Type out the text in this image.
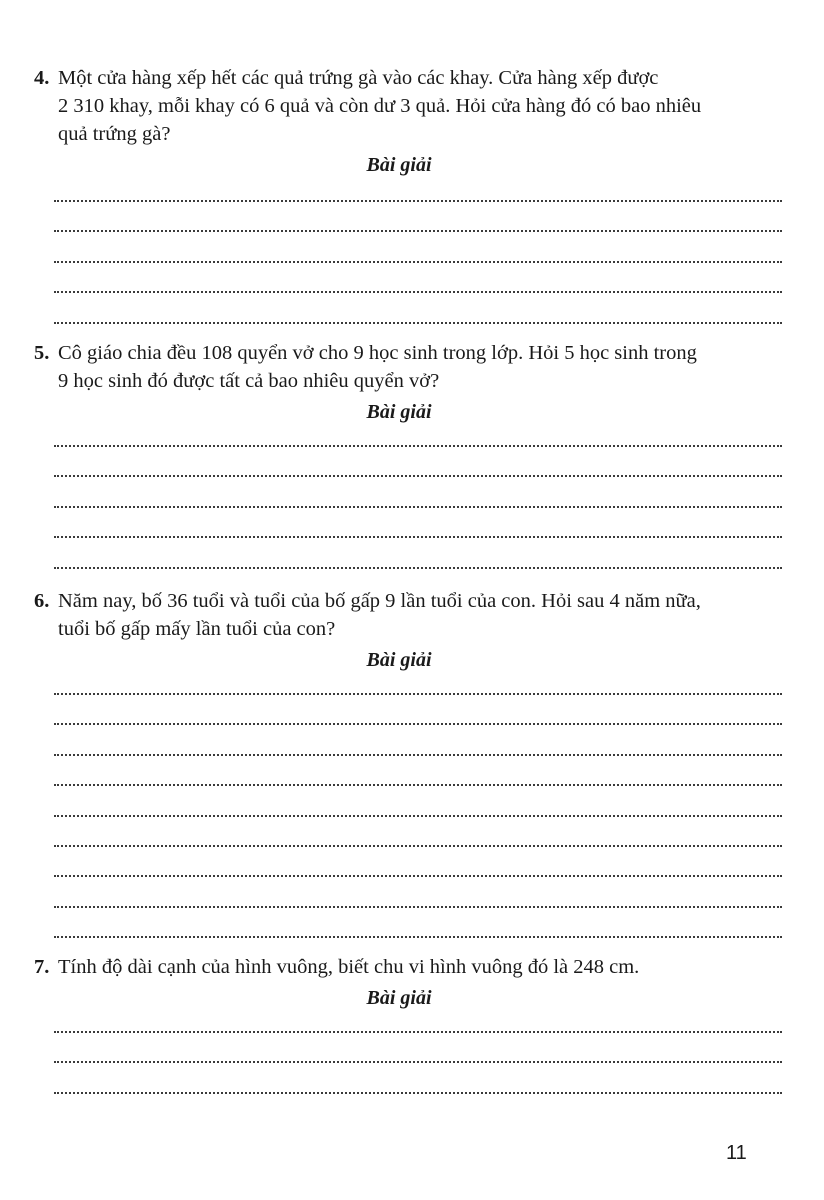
4. Một cửa hàng xếp hết các quả trứng gà vào các khay. Cửa hàng xếp được
2 310 khay, mỗi khay có 6 quả và còn dư 3 quả. Hỏi cửa hàng đó có bao nhiêu
quả trứng gà?

Bài giải

5. Cô giáo chia đều 108 quyển vở cho 9 học sinh trong lớp. Hỏi 5 học sinh trong
9 học sinh đó được tất cả bao nhiêu quyển vở?

Bài giải

6. Năm nay, bố 36 tuổi và tuổi của bố gấp 9 lần tuổi của con. Hỏi sau 4 năm nữa,
tuổi bố gấp mấy lần tuổi của con?

Bài giải

7. Tính độ dài cạnh của hình vuông, biết chu vi hình vuông đó là 248 cm.

Bài giải
11
